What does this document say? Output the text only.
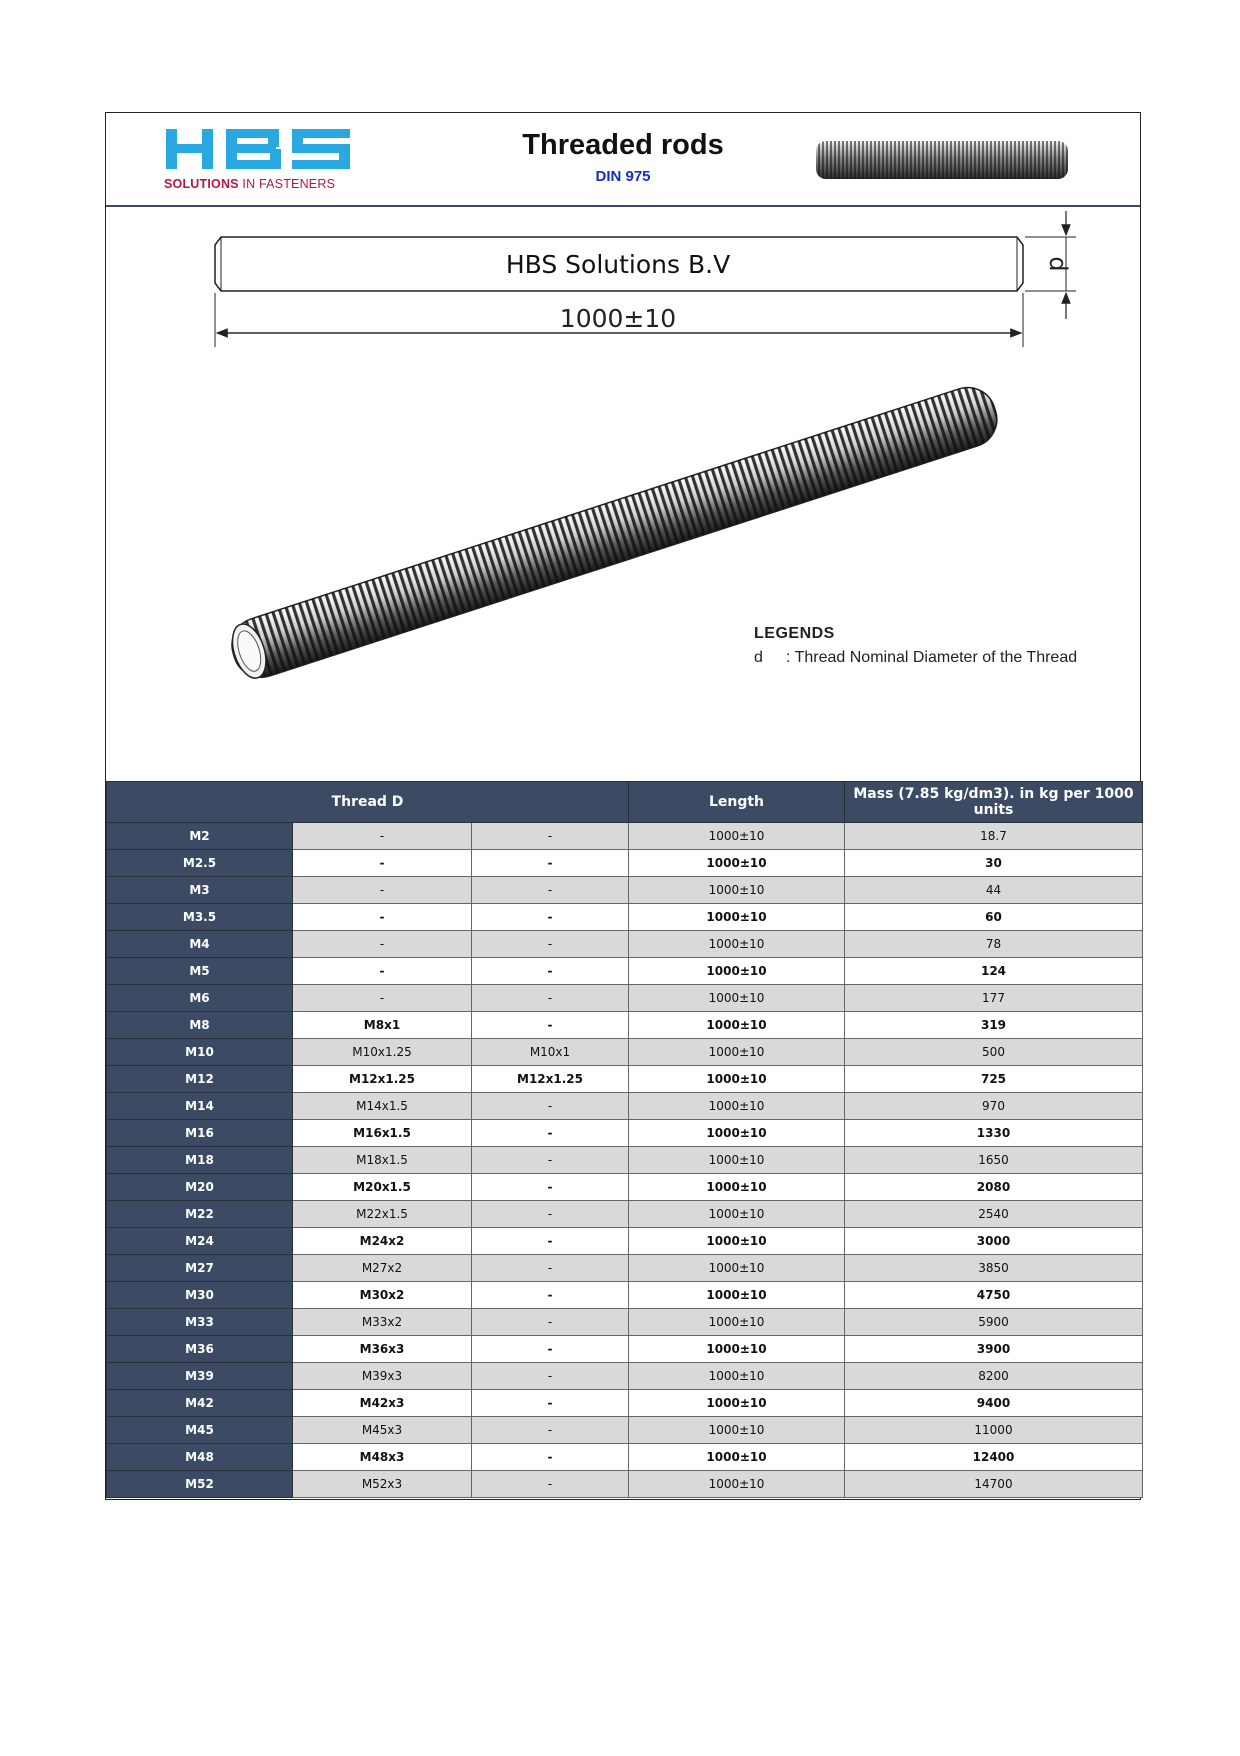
SOLUTIONS IN FASTENERS
Threaded rods
DIN 975
HBS Solutions B.V
1000±10
d
LEGENDS
d : Thread Nominal Diameter of the Thread
Thread D			Length	Mass (7.85 kg/dm3). in kg per 1000 units
M2	-	-	1000±10	18.7
M2.5	-	-	1000±10	30
M3	-	-	1000±10	44
M3.5	-	-	1000±10	60
M4	-	-	1000±10	78
M5	-	-	1000±10	124
M6	-	-	1000±10	177
M8	M8x1	-	1000±10	319
M10	M10x1.25	M10x1	1000±10	500
M12	M12x1.25	M12x1.25	1000±10	725
M14	M14x1.5	-	1000±10	970
M16	M16x1.5	-	1000±10	1330
M18	M18x1.5	-	1000±10	1650
M20	M20x1.5	-	1000±10	2080
M22	M22x1.5	-	1000±10	2540
M24	M24x2	-	1000±10	3000
M27	M27x2	-	1000±10	3850
M30	M30x2	-	1000±10	4750
M33	M33x2	-	1000±10	5900
M36	M36x3	-	1000±10	3900
M39	M39x3	-	1000±10	8200
M42	M42x3	-	1000±10	9400
M45	M45x3	-	1000±10	11000
M48	M48x3	-	1000±10	12400
M52	M52x3	-	1000±10	14700
